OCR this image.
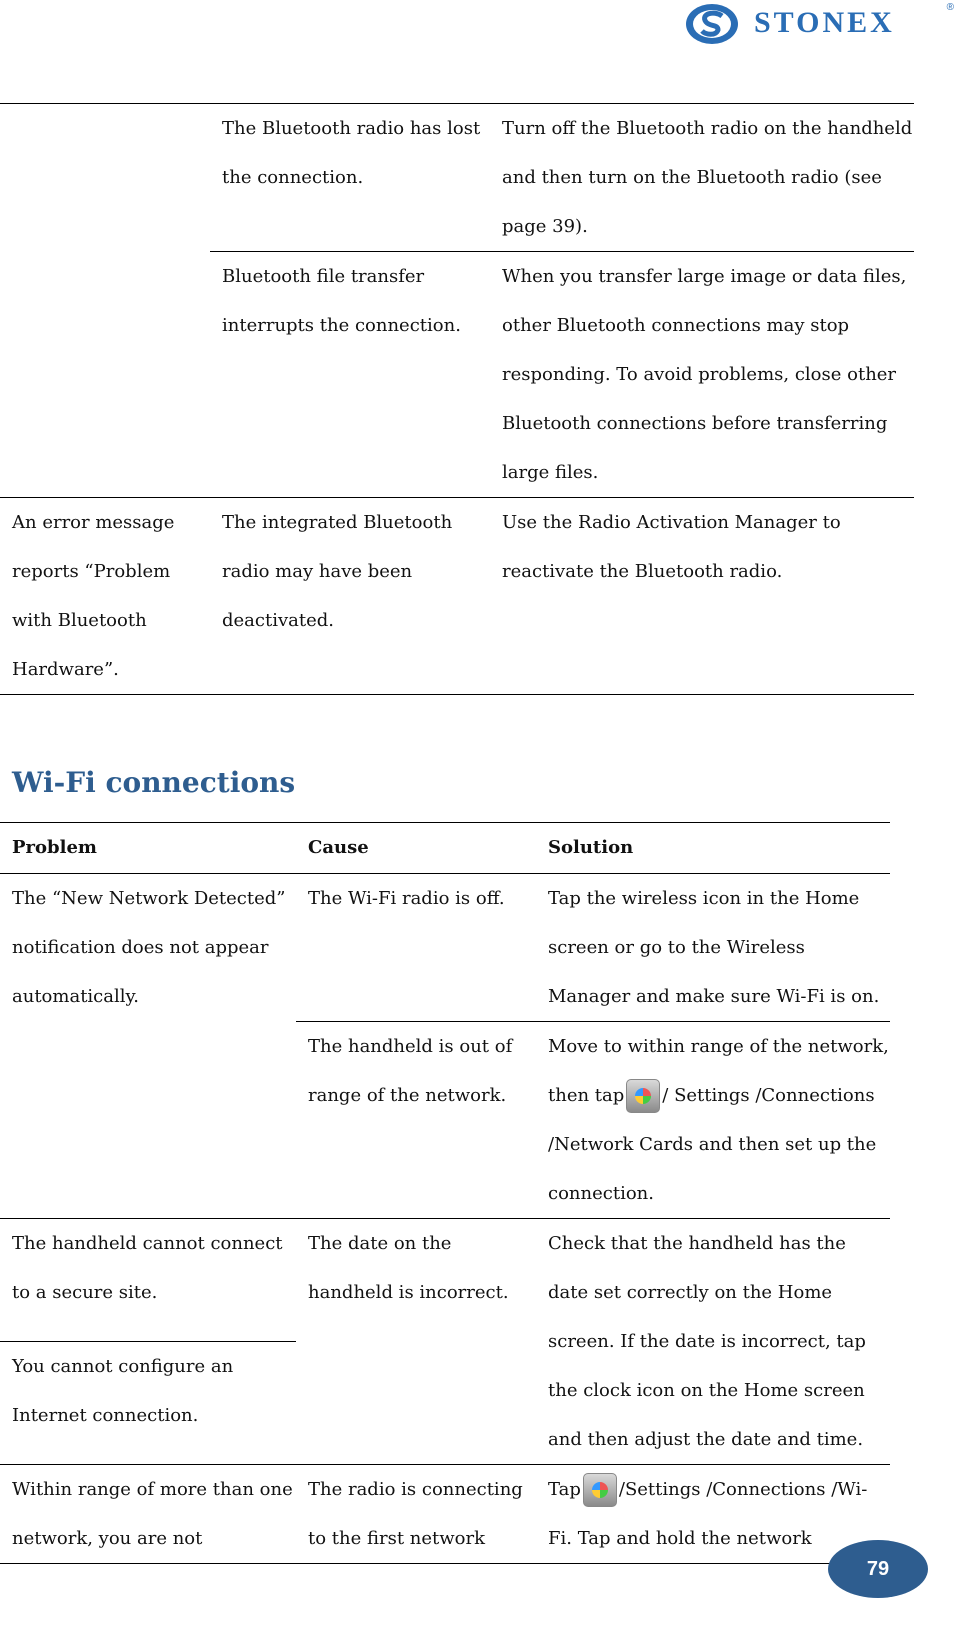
STONEX	®
	The Bluetooth radio has lost the connection.	Turn off the Bluetooth radio on the handheld and then turn on the Bluetooth radio (see page 39).
	Bluetooth file transfer interrupts the connection.	When you transfer large image or data files, other Bluetooth connections may stop responding. To avoid problems, close other Bluetooth connections before transferring large files.
An error message reports “Problem with Bluetooth Hardware”.	The integrated Bluetooth radio may have been deactivated.	Use the Radio Activation Manager to reactivate the Bluetooth radio.
Wi-Fi connections
Problem	Cause	Solution
The “New Network Detected” notification does not appear automatically.	The Wi-Fi radio is off.	Tap the wireless icon in the Home screen or go to the Wireless Manager and make sure Wi-Fi is on.
	The handheld is out of range of the network.	Move to within range of the network, then tap / Settings /Connections /Network Cards and then set up the connection.
The handheld cannot connect to a secure site.	The date on the handheld is incorrect.	Check that the handheld has the date set correctly on the Home screen. If the date is incorrect, tap the clock icon on the Home screen and then adjust the date and time.
You cannot configure an Internet connection.		
Within range of more than one network, you are not	The radio is connecting to the first network	Tap /Settings /Connections /Wi-Fi. Tap and hold the network
79
